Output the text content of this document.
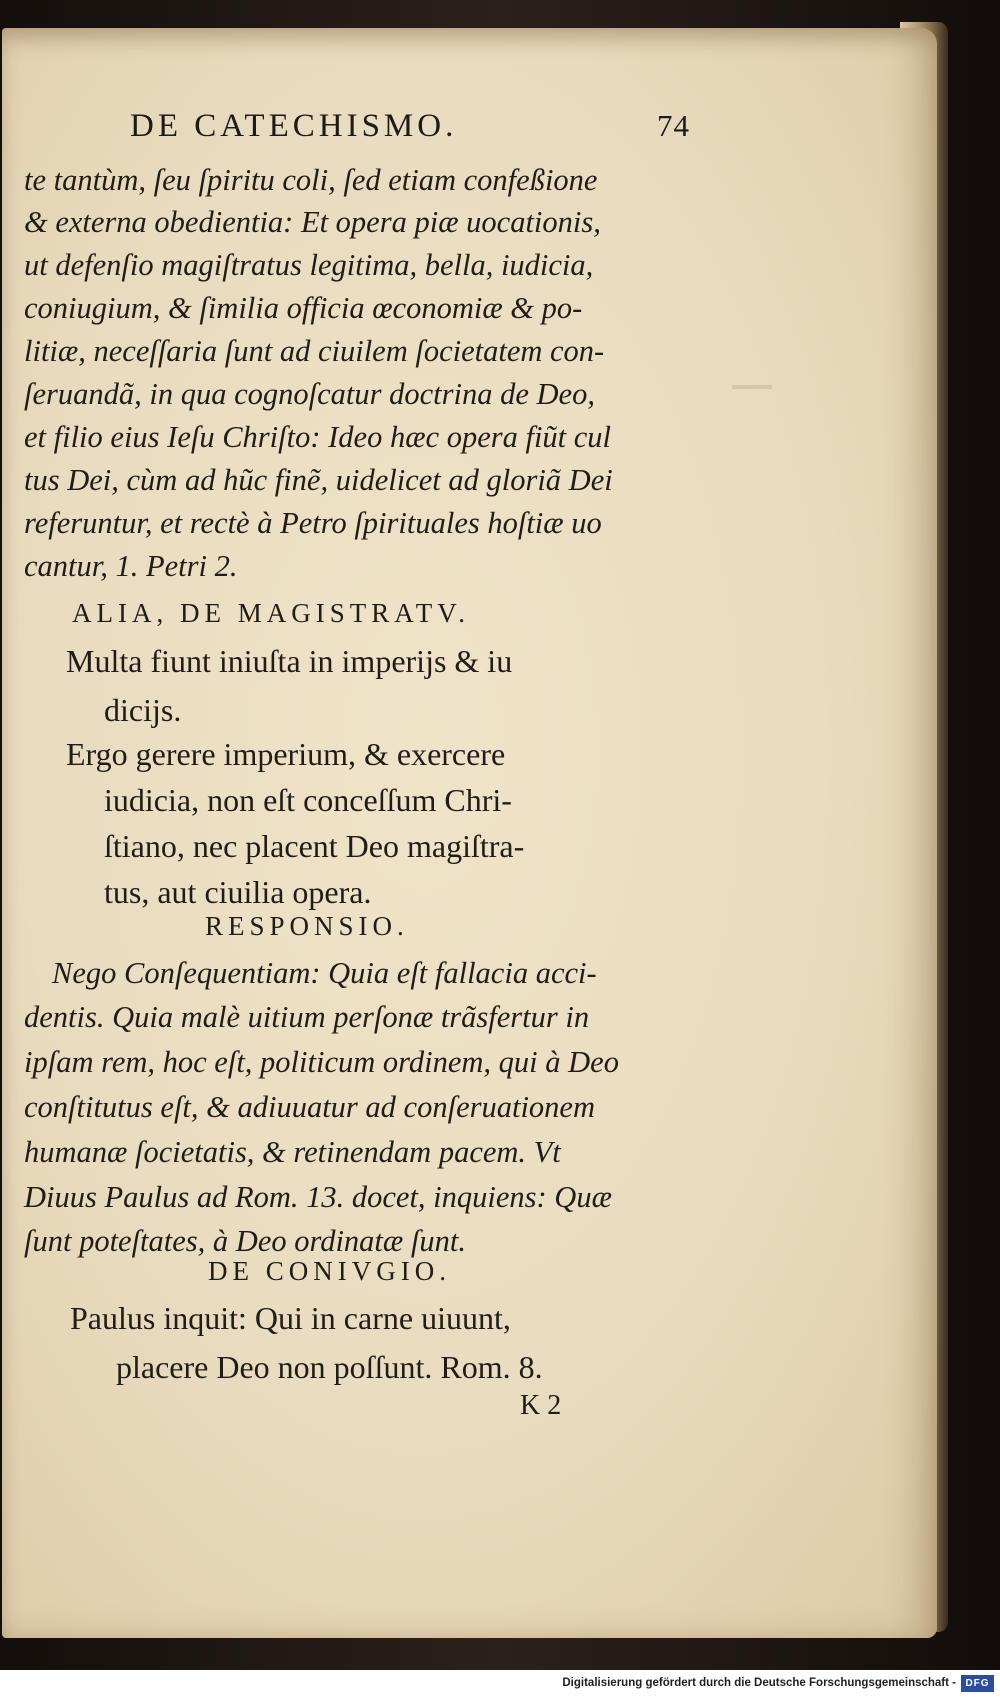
DE CATECHISMO.	74
te tantùm, ſeu ſpiritu coli, ſed etiam confeßione
& externa obedientia: Et opera piæ uocationis,
ut defenſio magiſtratus legitima, bella, iudicia,
coniugium, & ſimilia officia œconomiæ & po-
litiæ, neceſſaria ſunt ad ciuilem ſocietatem con-
ſeruandã, in qua cognoſcatur doctrina de Deo,
et filio eius Ieſu Chriſto: Ideo hæc opera fiũt cul
tus Dei, cùm ad hũc finẽ, uidelicet ad gloriã Dei
referuntur, et rectè à Petro ſpirituales hoſtiæ uo
cantur, 1. Petri 2.
ALIA, DE MAGISTRATV.
Multa fiunt iniuſta in imperijs & iu
dicijs.
Ergo gerere imperium, & exercere
iudicia, non eſt conceſſum Chri-
ſtiano, nec placent Deo magiſtra-
tus, aut ciuilia opera.
RESPONSIO.
Nego Conſequentiam: Quia eſt fallacia acci-
dentis. Quia malè uitium perſonæ trãsfertur in
ipſam rem, hoc eſt, politicum ordinem, qui à Deo
conſtitutus eſt, & adiuuatur ad conſeruationem
humanæ ſocietatis, & retinendam pacem. Vt
Diuus Paulus ad Rom. 13. docet, inquiens: Quæ
ſunt poteſtates, à Deo ordinatæ ſunt.
DE CONIVGIO.
Paulus inquit: Qui in carne uiuunt,
placere Deo non poſſunt. Rom. 8.
K 2
Digitalisierung gefördert durch die Deutsche Forschungsgemeinschaft - DFG
